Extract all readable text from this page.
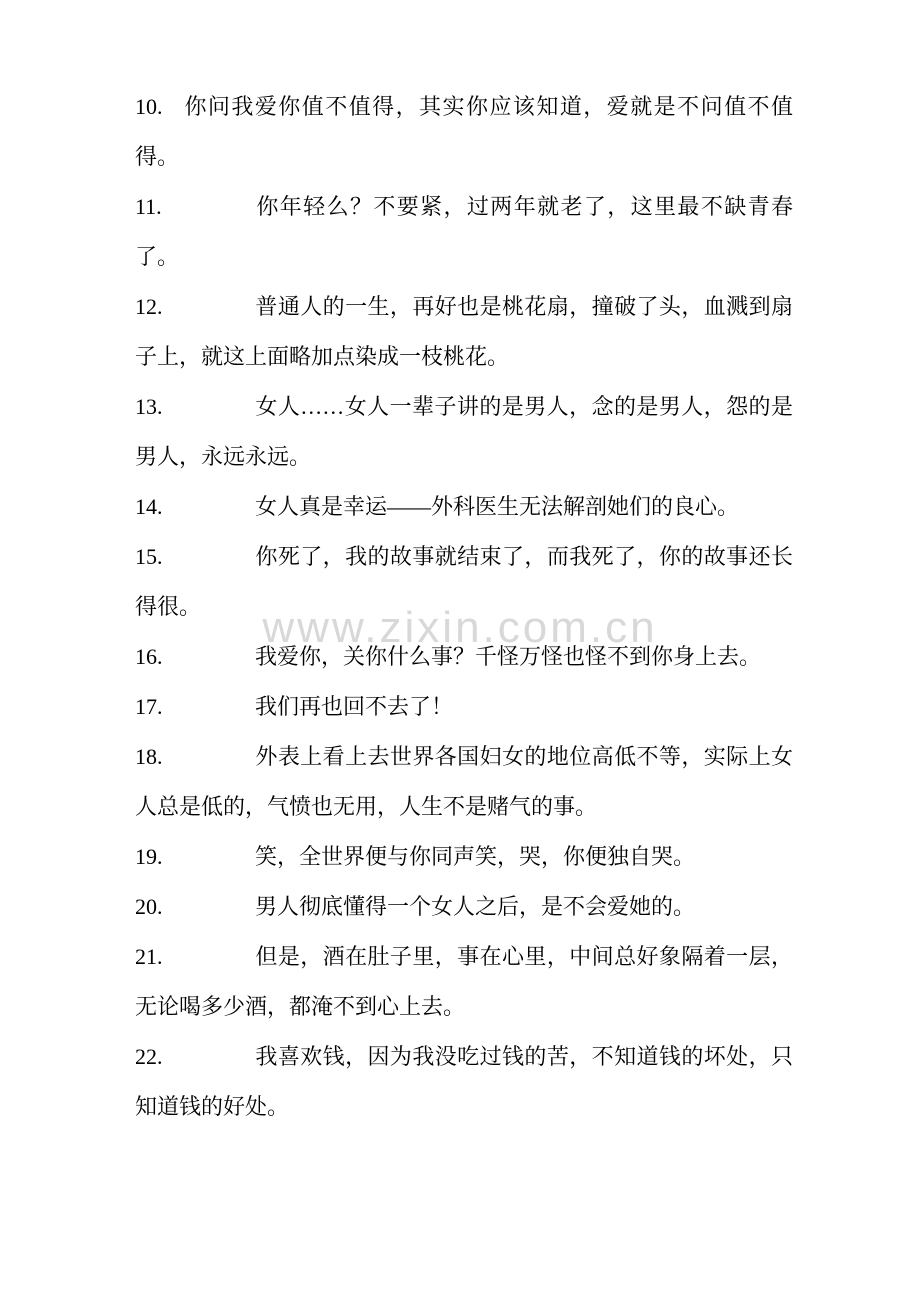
www.zixin.com.cn

10. 你问我爱你值不值得，其实你应该知道，爱就是不问值不值得。

11.	你年轻么？不要紧，过两年就老了，这里最不缺青春了。

12.	普通人的一生，再好也是桃花扇，撞破了头，血溅到扇子上，就这上面略加点染成一枝桃花。

13.	女人……女人一辈子讲的是男人，念的是男人，怨的是男人，永远永远。

14.	女人真是幸运——外科医生无法解剖她们的良心。

15.	你死了，我的故事就结束了，而我死了，你的故事还长得很。

16.	我爱你，关你什么事？千怪万怪也怪不到你身上去。

17.	我们再也回不去了！

18.	外表上看上去世界各国妇女的地位高低不等，实际上女人总是低的，气愤也无用，人生不是赌气的事。

19.	笑，全世界便与你同声笑，哭，你便独自哭。

20.	男人彻底懂得一个女人之后，是不会爱她的。

21.	但是，酒在肚子里，事在心里，中间总好象隔着一层，无论喝多少酒，都淹不到心上去。

22.	我喜欢钱，因为我没吃过钱的苦，不知道钱的坏处，只知道钱的好处。
